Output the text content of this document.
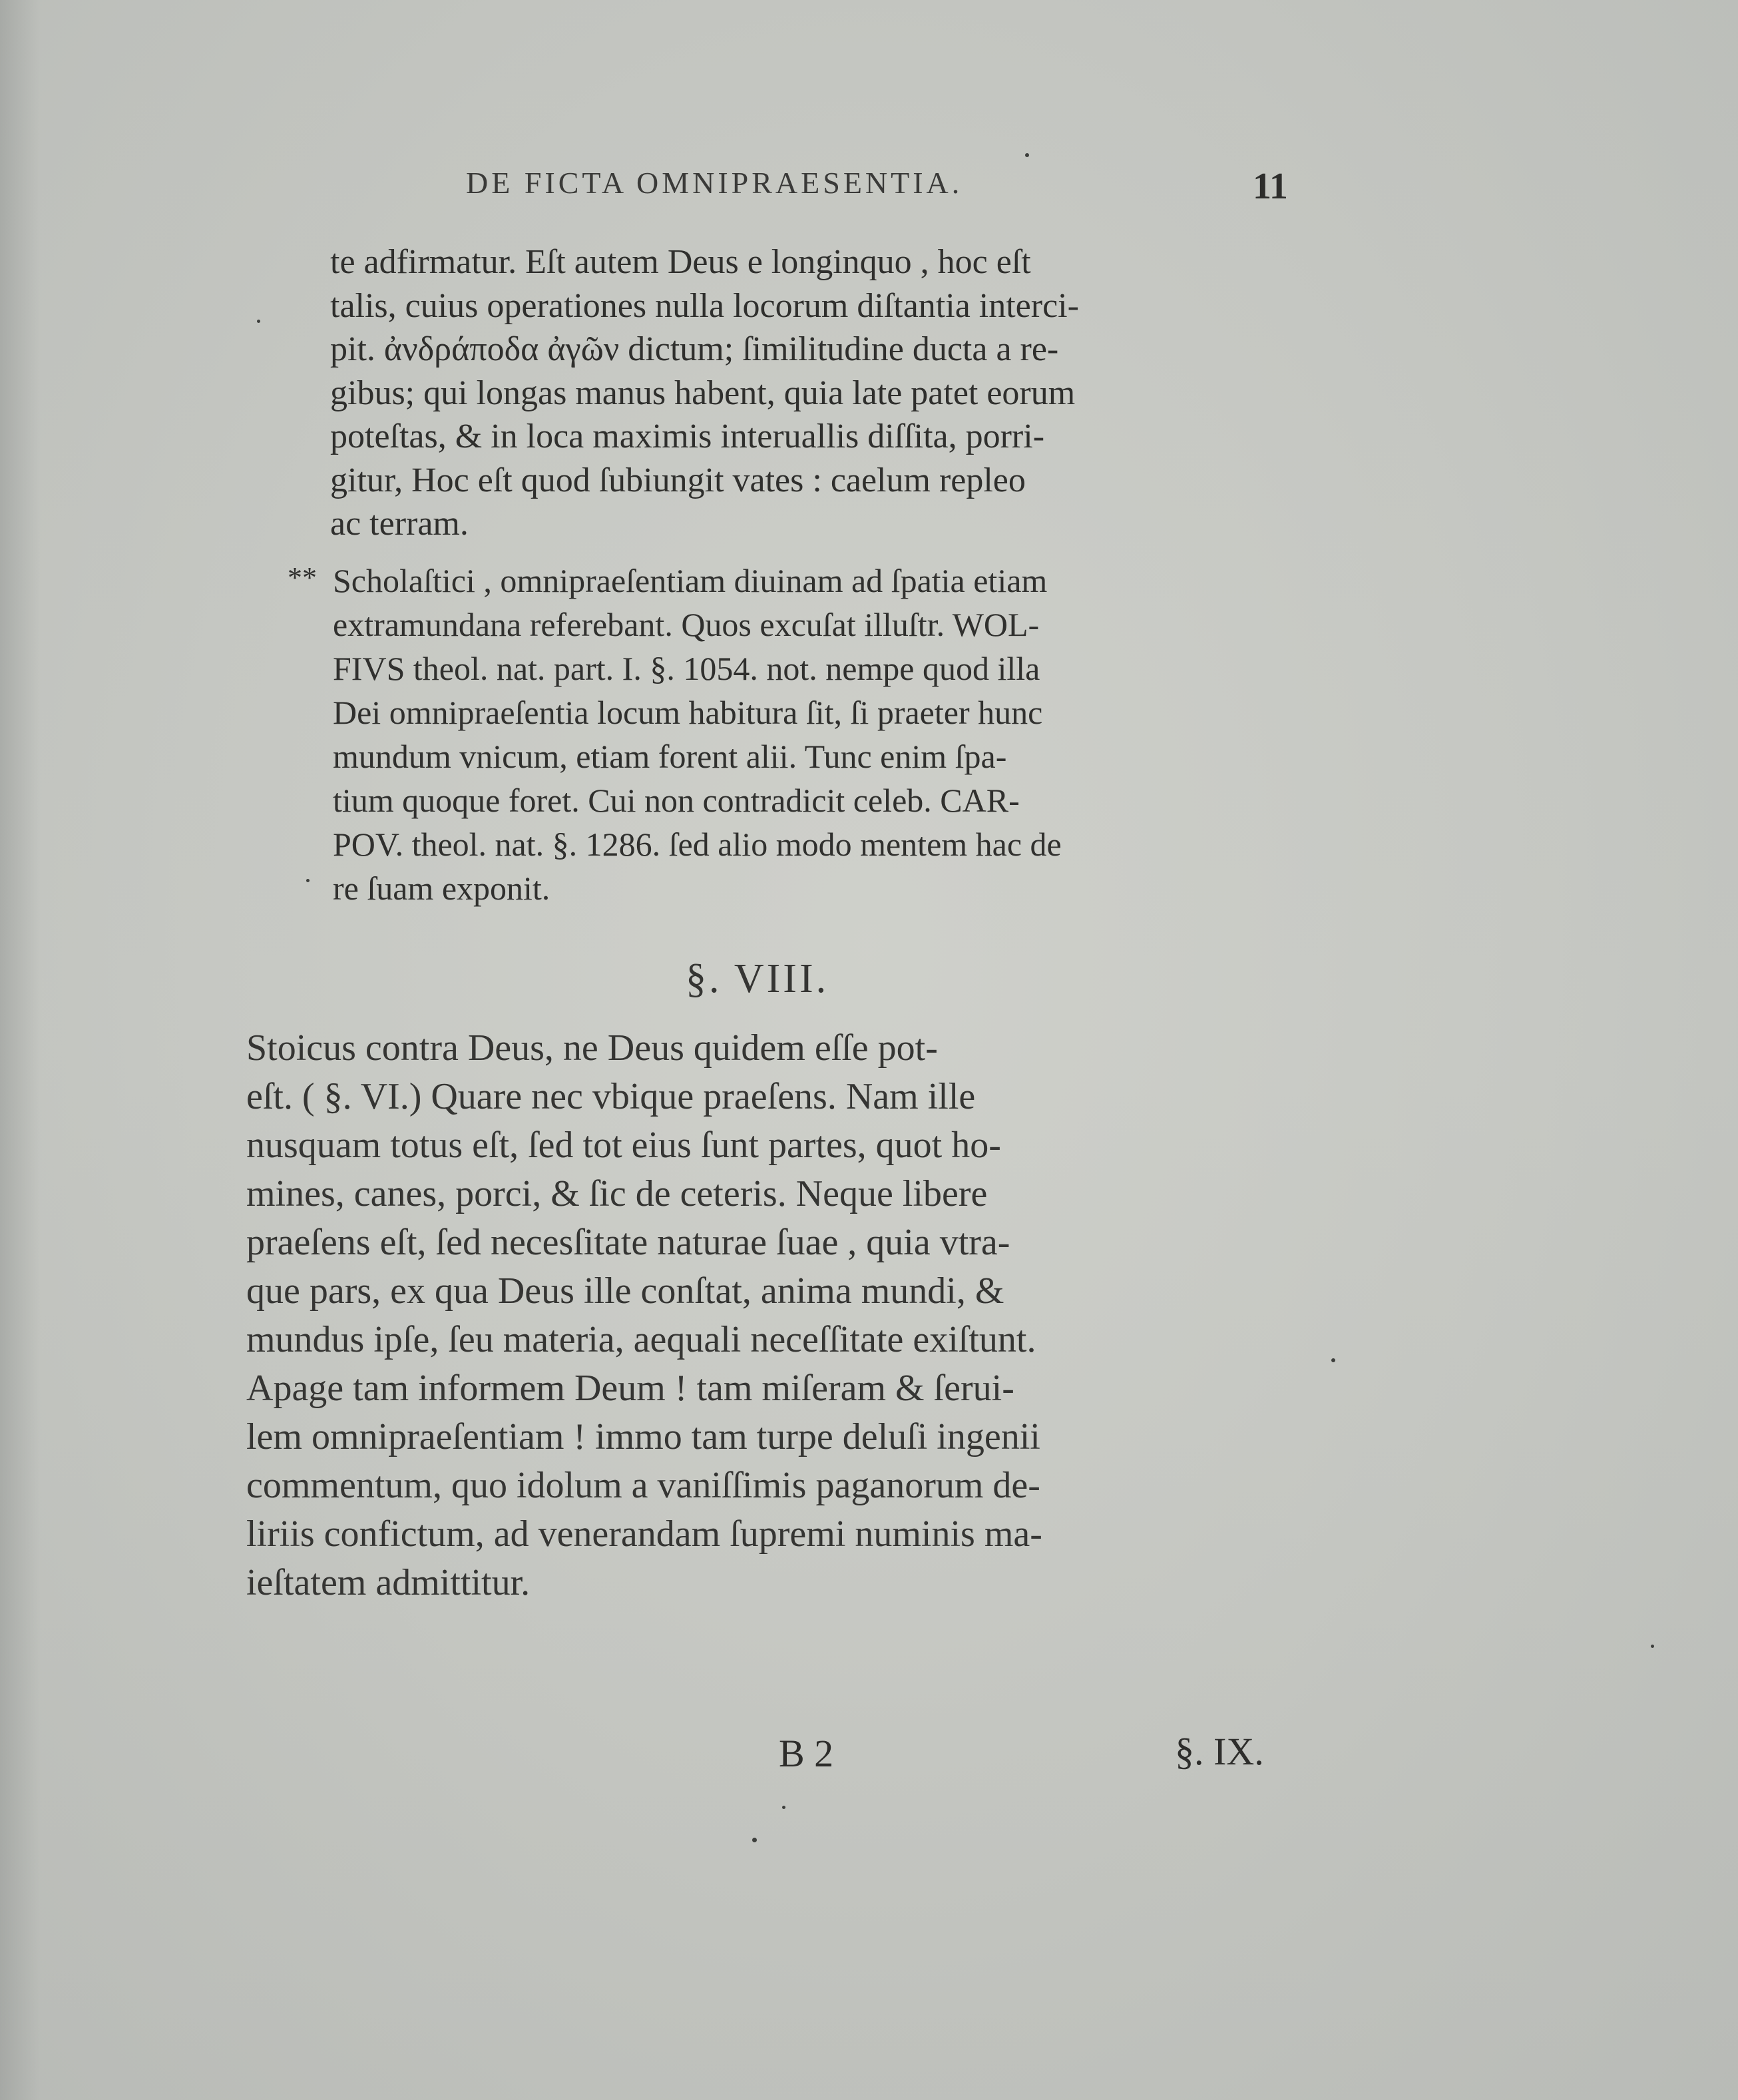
DE FICTA OMNIPRAESENTIA.	11
te adfirmatur. Eſt autem Deus e longinquo , hoc eſt
talis, cuius operationes nulla locorum diſtantia interci-
pit. ἀνδράποδα ἀγῶν dictum; ſimilitudine ducta a re-
gibus; qui longas manus habent, quia late patet eorum
poteſtas, & in loca maximis interuallis diſſita, porri-
gitur, Hoc eſt quod ſubiungit vates : caelum repleo
ac terram.
** Scholaſtici , omnipraeſentiam diuinam ad ſpatia etiam
extramundana referebant. Quos excuſat illuſtr. WOL-
FIVS theol. nat. part. I. §. 1054. not. nempe quod illa
Dei omnipraeſentia locum habitura ſit, ſi praeter hunc
mundum vnicum, etiam forent alii. Tunc enim ſpa-
tium quoque foret. Cui non contradicit celeb. CAR-
POV. theol. nat. §. 1286. ſed alio modo mentem hac de
re ſuam exponit.
§. VIII.
Stoicus contra Deus, ne Deus quidem eſſe pot-
eſt. ( §. VI.) Quare nec vbique praeſens. Nam ille
nusquam totus eſt, ſed tot eius ſunt partes, quot ho-
mines, canes, porci, & ſic de ceteris. Neque libere
praeſens eſt, ſed necesſitate naturae ſuae , quia vtra-
que pars, ex qua Deus ille conſtat, anima mundi, &
mundus ipſe, ſeu materia, aequali neceſſitate exiſtunt.
Apage tam informem Deum ! tam miſeram & ſerui-
lem omnipraeſentiam ! immo tam turpe deluſi ingenii
commentum, quo idolum a vaniſſimis paganorum de-
liriis confictum, ad venerandam ſupremi numinis ma-
ieſtatem admittitur.
B 2	§. IX.
